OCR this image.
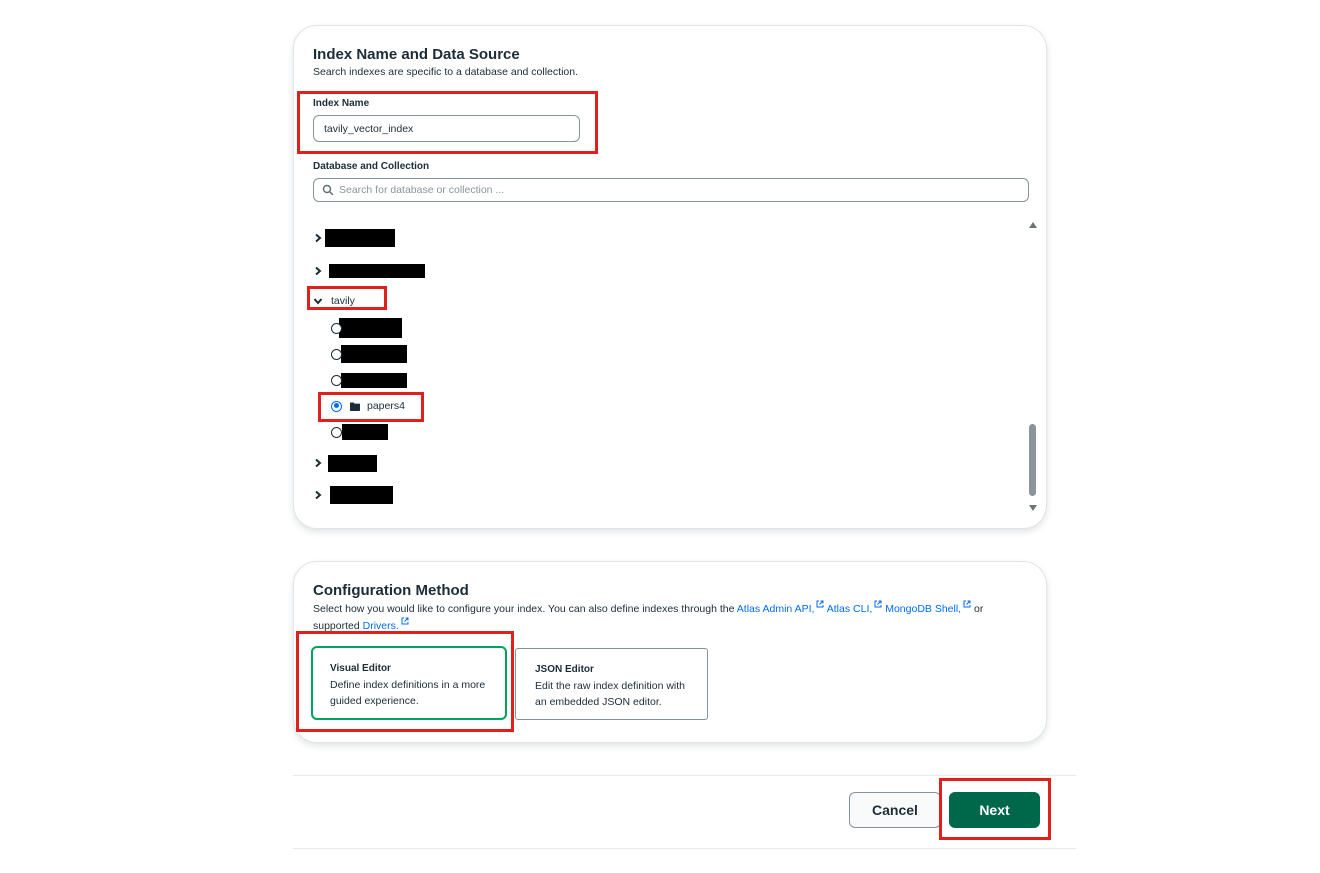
Index Name and Data Source
Search indexes are specific to a database and collection.
Index Name
tavily_vector_index
Database and Collection
Search for database or collection ...
tavily
papers4
Configuration Method
Select how you would like to configure your index. You can also define indexes through the Atlas Admin API, Atlas CLI, MongoDB Shell, or supported Drivers.
Visual Editor
Define index definitions in a more guided experience.
JSON Editor
Edit the raw index definition with an embedded JSON editor.
Cancel	Next
